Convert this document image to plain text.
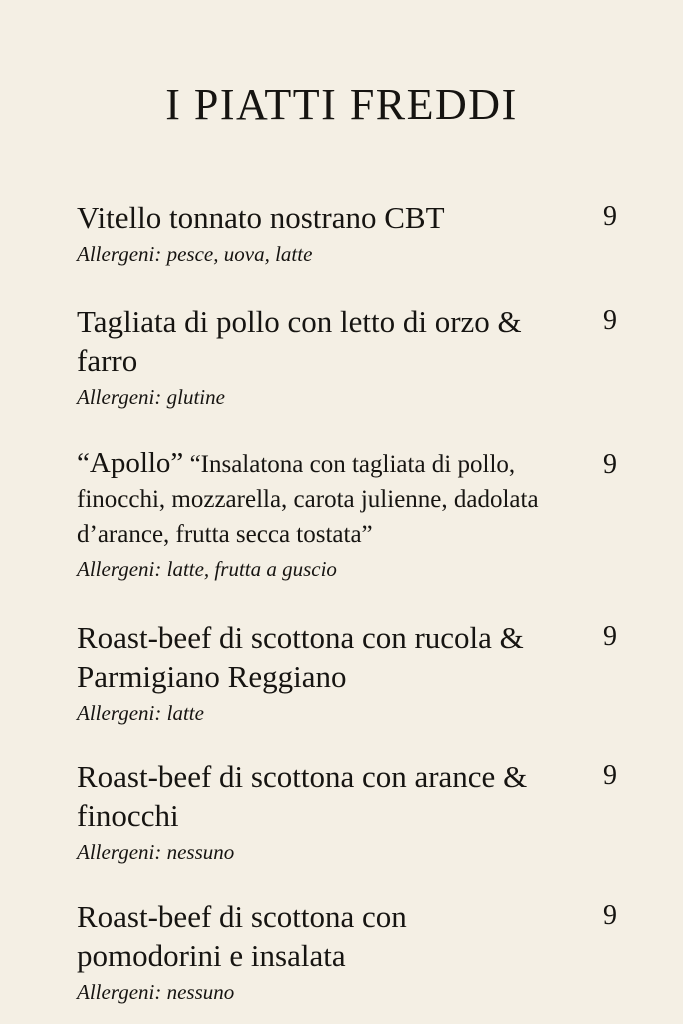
I PIATTI FREDDI

Vitello tonnato nostrano CBT	9
Allergeni: pesce, uova, latte

Tagliata di pollo con letto di orzo & farro

9
Allergeni: glutine

“Apollo” “Insalatona con tagliata di pollo, finocchi, mozzarella, carota julienne, dadolata d’arance, frutta secca tostata”

9
Allergeni: latte, frutta a guscio

Roast-beef di scottona con rucola & Parmigiano Reggiano

9
Allergeni: latte

Roast-beef di scottona con arance & finocchi

9
Allergeni: nessuno

Roast-beef di scottona con pomodorini e insalata

9
Allergeni: nessuno
